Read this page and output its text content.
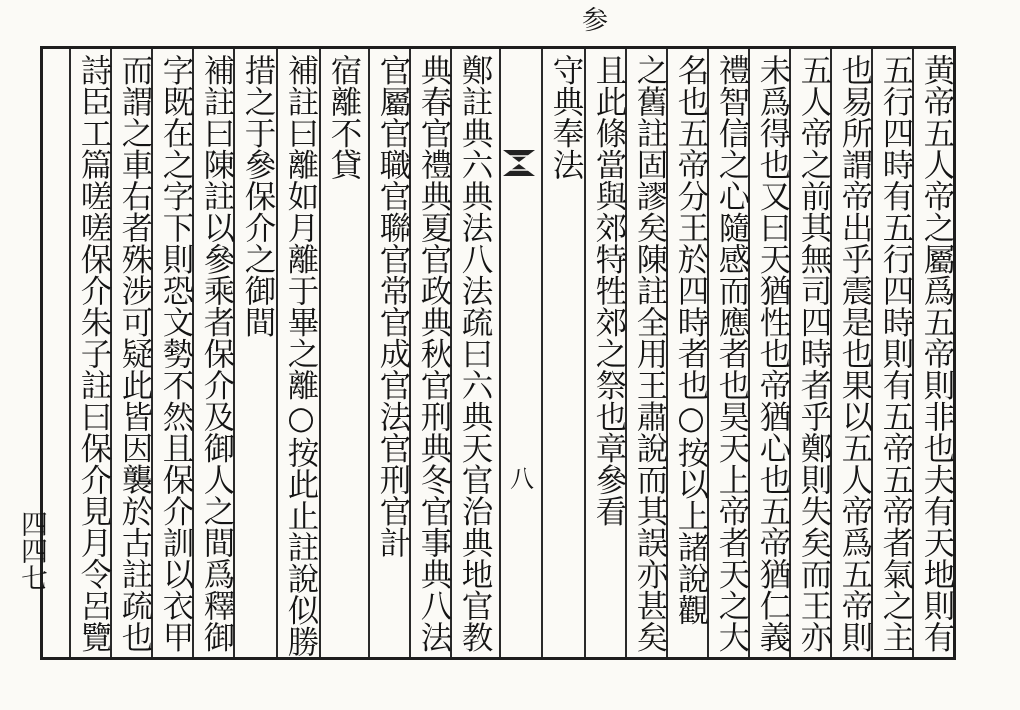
参
八	黄帝五人帝之屬爲五帝則非也夫有天地則有
五行四時有五行四時則有五帝五帝者氣之主
也易所謂帝出乎震是也果以五人帝爲五帝則
五人帝之前其無司四時者乎鄭則失矣而王亦
未爲得也又曰天猶性也帝猶心也五帝猶仁義
禮智信之心隨感而應者也昊天上帝者天之大
名也五帝分王於四時者也○按以上諸說觀
之舊註固謬矣陳註全用王肅說而其誤亦甚矣
且此條當與郊特牲郊之祭也章參看
守典奉法
鄭註典六典法八法疏曰六典天官治典地官教
典春官禮典夏官政典秋官刑典冬官事典八法
官屬官職官聯官常官成官法官刑官計
宿離不貸
補註曰離如月離于畢之離○按此止註說似勝
措之于參保介之御間
補註曰陳註以參乘者保介及御人之間爲釋御
字既在之字下則恐文勢不然且保介訓以衣甲
而謂之車右者殊涉可疑此皆因襲於古註疏也
詩臣工篇嗟嗟保介朱子註曰保介見月令呂覽
四四七
